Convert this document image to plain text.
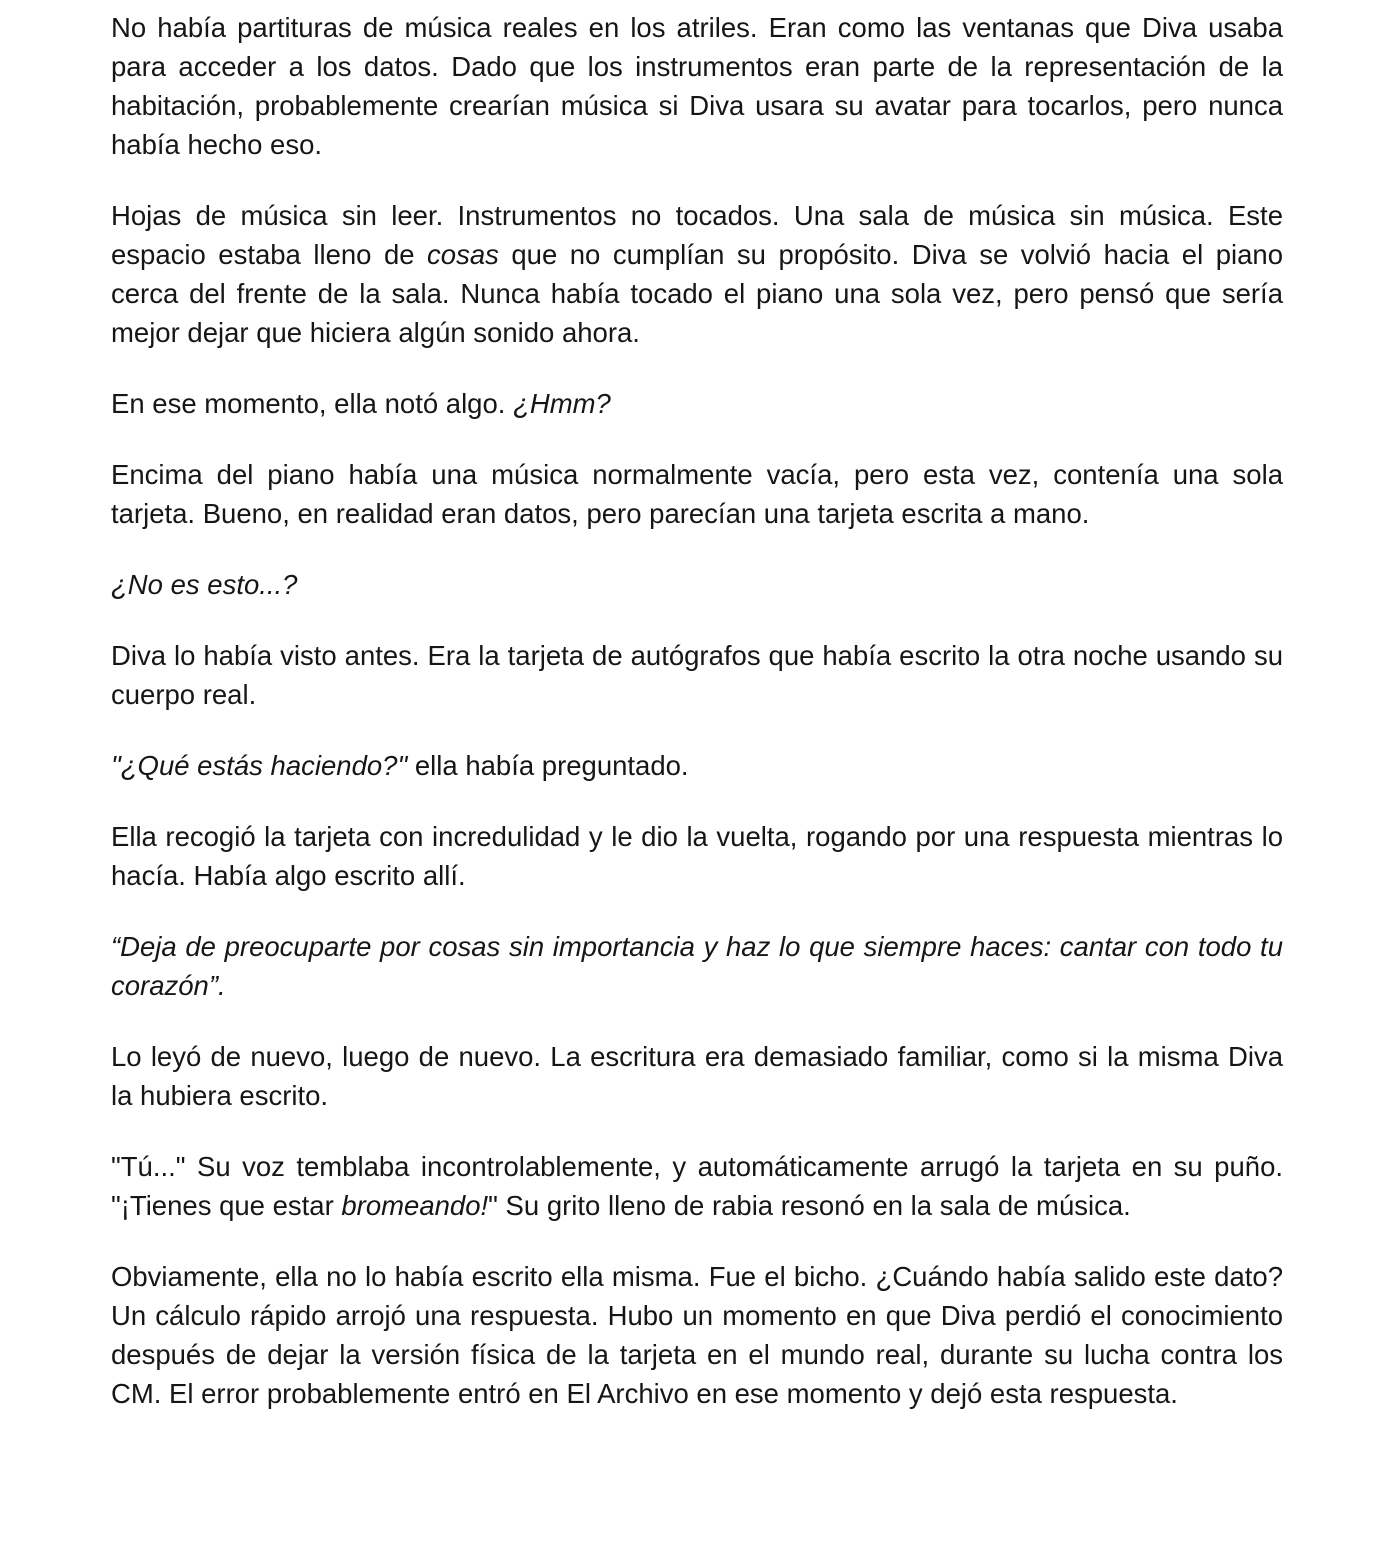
No había partituras de música reales en los atriles. Eran como las ventanas que Diva usaba para acceder a los datos. Dado que los instrumentos eran parte de la representación de la habitación, probablemente crearían música si Diva usara su avatar para tocarlos, pero nunca había hecho eso.

Hojas de música sin leer. Instrumentos no tocados. Una sala de música sin música. Este espacio estaba lleno de cosas que no cumplían su propósito. Diva se volvió hacia el piano cerca del frente de la sala. Nunca había tocado el piano una sola vez, pero pensó que sería mejor dejar que hiciera algún sonido ahora.

En ese momento, ella notó algo. ¿Hmm?

Encima del piano había una música normalmente vacía, pero esta vez, contenía una sola tarjeta. Bueno, en realidad eran datos, pero parecían una tarjeta escrita a mano.

¿No es esto...?

Diva lo había visto antes. Era la tarjeta de autógrafos que había escrito la otra noche usando su cuerpo real.

"¿Qué estás haciendo?" ella había preguntado.

Ella recogió la tarjeta con incredulidad y le dio la vuelta, rogando por una respuesta mientras lo hacía. Había algo escrito allí.

“Deja de preocuparte por cosas sin importancia y haz lo que siempre haces: cantar con todo tu corazón”.

Lo leyó de nuevo, luego de nuevo. La escritura era demasiado familiar, como si la misma Diva la hubiera escrito.

"Tú..." Su voz temblaba incontrolablemente, y automáticamente arrugó la tarjeta en su puño. "¡Tienes que estar bromeando!" Su grito lleno de rabia resonó en la sala de música.

Obviamente, ella no lo había escrito ella misma. Fue el bicho. ¿Cuándo había salido este dato? Un cálculo rápido arrojó una respuesta. Hubo un momento en que Diva perdió el conocimiento después de dejar la versión física de la tarjeta en el mundo real, durante su lucha contra los CM. El error probablemente entró en El Archivo en ese momento y dejó esta respuesta.
